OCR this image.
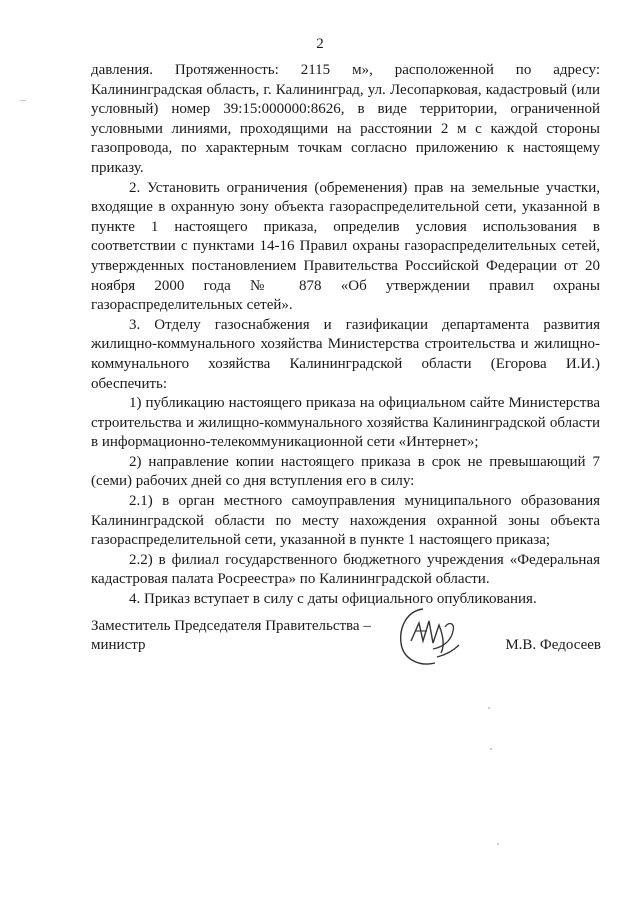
2

давления. Протяженность: 2115 м», расположенной по адресу: Калининградская область, г. Калининград, ул. Лесопарковая, кадастровый (или условный) номер 39:15:000000:8626, в виде территории, ограниченной условными линиями, проходящими на расстоянии 2 м с каждой стороны газопровода, по характерным точкам согласно приложению к настоящему приказу.

2. Установить ограничения (обременения) прав на земельные участки, входящие в охранную зону объекта газораспределительной сети, указанной в пункте 1 настоящего приказа, определив условия использования в соответствии с пунктами 14-16 Правил охраны газораспределительных сетей, утвержденных постановлением Правительства Российской Федерации от 20 ноября 2000 года № 878 «Об утверждении правил охраны газораспределительных сетей».

3. Отделу газоснабжения и газификации департамента развития жилищно-коммунального хозяйства Министерства строительства и жилищно-коммунального хозяйства Калининградской области (Егорова И.И.) обеспечить:

1) публикацию настоящего приказа на официальном сайте Министерства строительства и жилищно-коммунального хозяйства Калининградской области в информационно-телекоммуникационной сети «Интернет»;

2) направление копии настоящего приказа в срок не превышающий 7 (семи) рабочих дней со дня вступления его в силу:

2.1) в орган местного самоуправления муниципального образования Калининградской области по месту нахождения охранной зоны объекта газораспределительной сети, указанной в пункте 1 настоящего приказа;

2.2) в филиал государственного бюджетного учреждения «Федеральная кадастровая палата Росреестра» по Калининградской области.

4. Приказ вступает в силу с даты официального опубликования.

Заместитель Председателя Правительства – министр	М.В. Федосеев
